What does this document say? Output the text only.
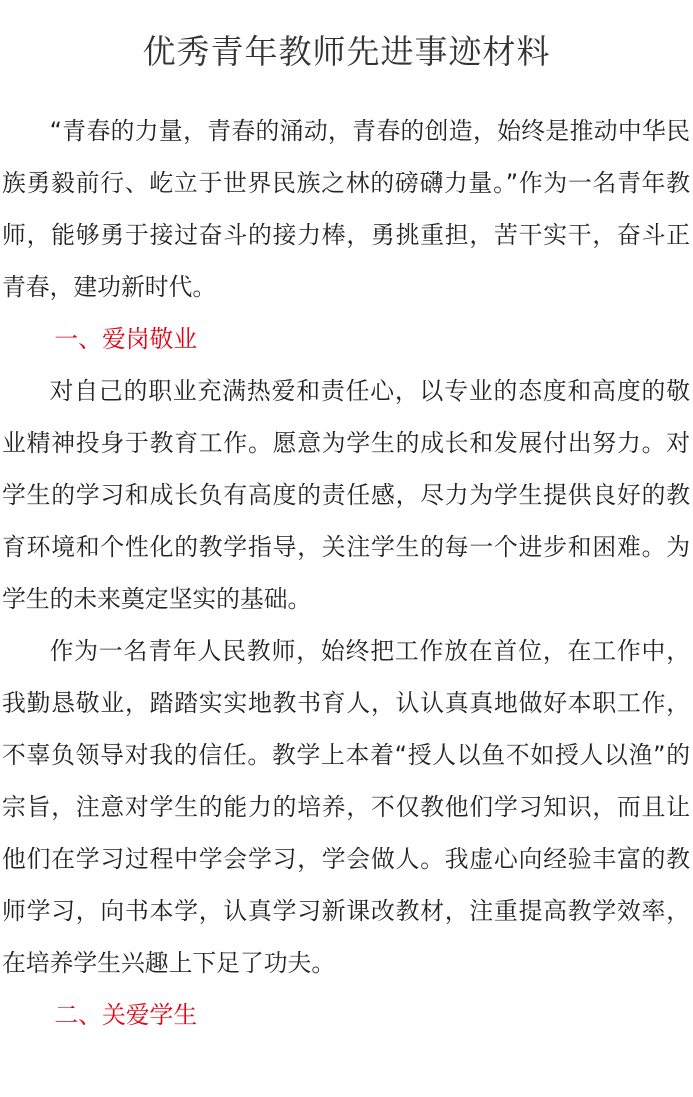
优秀青年教师先进事迹材料

“青春的力量，青春的涌动，青春的创造，始终是推动中华民族勇毅前行、屹立于世界民族之林的磅礴力量。”作为一名青年教师，能够勇于接过奋斗的接力棒，勇挑重担，苦干实干，奋斗正青春，建功新时代。

一、爱岗敬业

对自己的职业充满热爱和责任心，以专业的态度和高度的敬业精神投身于教育工作。愿意为学生的成长和发展付出努力。对学生的学习和成长负有高度的责任感，尽力为学生提供良好的教育环境和个性化的教学指导，关注学生的每一个进步和困难。为学生的未来奠定坚实的基础。

作为一名青年人民教师，始终把工作放在首位，在工作中，我勤恳敬业，踏踏实实地教书育人，认认真真地做好本职工作，不辜负领导对我的信任。教学上本着“授人以鱼不如授人以渔”的宗旨，注意对学生的能力的培养，不仅教他们学习知识，而且让他们在学习过程中学会学习，学会做人。我虚心向经验丰富的教师学习，向书本学，认真学习新课改教材，注重提高教学效率，在培养学生兴趣上下足了功夫。

二、关爱学生
